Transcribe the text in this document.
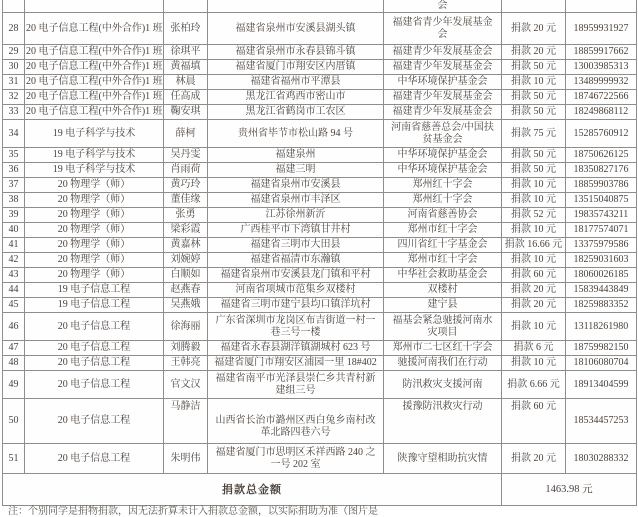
				会		
28	20 电子信息工程(中外合作)1 班	张柏玲	福建省泉州市安溪县湖头镇	福建省青少年发展基金会	捐款 20 元	18959931927
29	20 电子信息工程(中外合作)1 班	徐琪平	福建省泉州市永春县锦斗镇	福建青少年发展基金会	捐款 20 元	18859917662
30	20 电子信息工程(中外合作)1 班	黄福填	福建省厦门市翔安区内厝镇	福建青少年发展基金会	捐款 50 元	13003985313
31	20 电子信息工程(中外合作)1 班	林晨	福建省福州市平潭县	中华环境保护基金会	捐款 10 元	13489999932
32	20 电子信息工程(中外合作)1 班	任高成	黑龙江省鸡西市密山市	福建青少年发展基金会	捐款 50 元	18746722566
33	20 电子信息工程(中外合作)1 班	鞠安琪	黑龙江省鹤岗市工农区	福建青少年发展基金会	捐款 50 元	18249868112
34	19 电子科学与技术	薛柯	贵州省毕节市松山路 94 号	河南省慈善总会/中国扶贫基金会	捐款 75 元	15285760912
35	19 电子科学与技术	吴丹雯	福建泉州	中华环境保护基金会	捐款 50 元	18750626125
36	19 电子科学与技术	肖雨荷	福建三明	中华环境保护基金会	捐款 50 元	18350827176
37	20 物理学（师）	黄巧玲	福建省泉州市安溪县	郑州红十字会	捐款 10 元	18859903786
38	20 物理学（师）	董佳缘	福建省泉州市丰泽区	郑州红十字会	捐款 10 元	13515040875
39	20 物理学（师）	张勇	江苏徐州新沂	河南省慈善协会	捐款 52 元	19835743211
40	20 物理学（师）	梁彩霞	广西桂平市下湾镇甘井村	郑州市红十字会	捐款 10 元	18177574071
41	20 物理学（师）	黄嘉林	福建省三明市大田县	四川省红十字基金会	捐款 16.66 元	13375979586
42	20 物理学（师）	刘婉婷	福建省福清市东瀚镇	郑州市红十字会	捐款 10 元	18259031603
43	20 物理学（师）	白顺如	福建省泉州市安溪县龙门镇和平村	中华社会救助基金会	捐款 60 元	18060026185
44	19 电子信息工程	赵燕春	河南省项城市范集乡双楼村	双楼村	捐款 20 元	15839443849
45	19 电子信息工程	吴燕娥	福建省三明市建宁县均口镇洋坑村	建宁县	捐款 20 元	18259883352
46	20 电子信息工程	徐海丽	广东省深圳市龙岗区布吉街道一村一巷三号一楼	福基会紧急驰援河南水灾项目	捐款 10 元	13118261980
47	20 电子信息工程	刘腾毅	福建省永春县湖洋镇湖城村 623 号	郑州市二七区红十字会	捐款 6 元	18759982150
48	20 电子信息工程	王韩亮	福建省厦门市翔安区浦园一里 18#402	驰援河南我们在行动	捐款 10 元	18106080704
49	20 电子信息工程	官文汉	福建省南平市光泽县崇仁乡共青村新建组三号	防汛救灾支援河南	捐款 6.66 元	18913404599
50	20 电子信息工程	马静洁	山西省长治市潞州区西白兔乡南村改革北路四巷六号	援豫防汛救灾行动	捐款 60 元	18534457253
51	20 电子信息工程	朱明伟	福建省厦门市思明区禾祥西路 240 之一号 202 室	陕豫守望相助抗灾情	捐款 20 元	18030288332
捐款总金额					1463.98 元	
注：个别同学是捐物捐款，因无法折算未计入捐款总金额，以实际捐助为准（图片是
